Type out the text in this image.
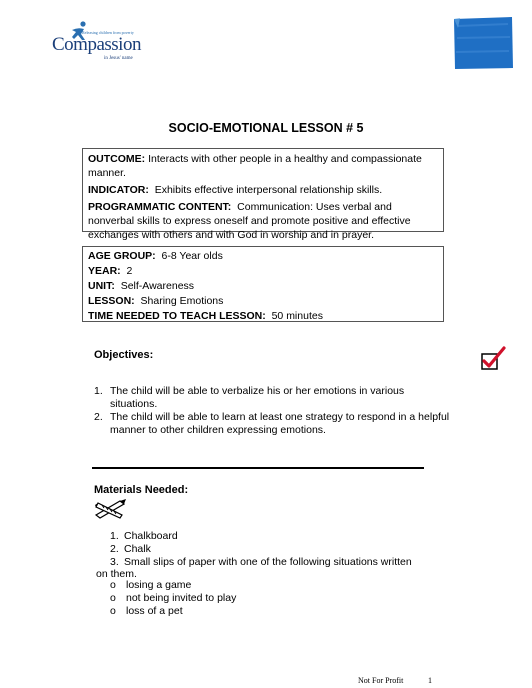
Releasing children from poverty
Compassion
in Jesus' name
SOCIO-EMOTIONAL LESSON # 5

OUTCOME: Interacts with other people in a healthy and compassionate manner.

INDICATOR: Exhibits effective interpersonal relationship skills.

PROGRAMMATIC CONTENT: Communication: Uses verbal and nonverbal skills to express oneself and promote positive and effective exchanges with others and with God in worship and in prayer.

AGE GROUP: 6-8 Year olds

YEAR: 2

UNIT: Self-Awareness

LESSON: Sharing Emotions

TIME NEEDED TO TEACH LESSON: 50 minutes

Objectives:
1. The child will be able to verbalize his or her emotions in various situations.
2. The child will be able to learn at least one strategy to respond in a helpful manner to other children expressing emotions.
Materials Needed:
1. Chalkboard
2. Chalk
3. Small slips of paper with one of the following situations written
on them.
o losing a game
o not being invited to play
o loss of a pet
Not For Profit	1
